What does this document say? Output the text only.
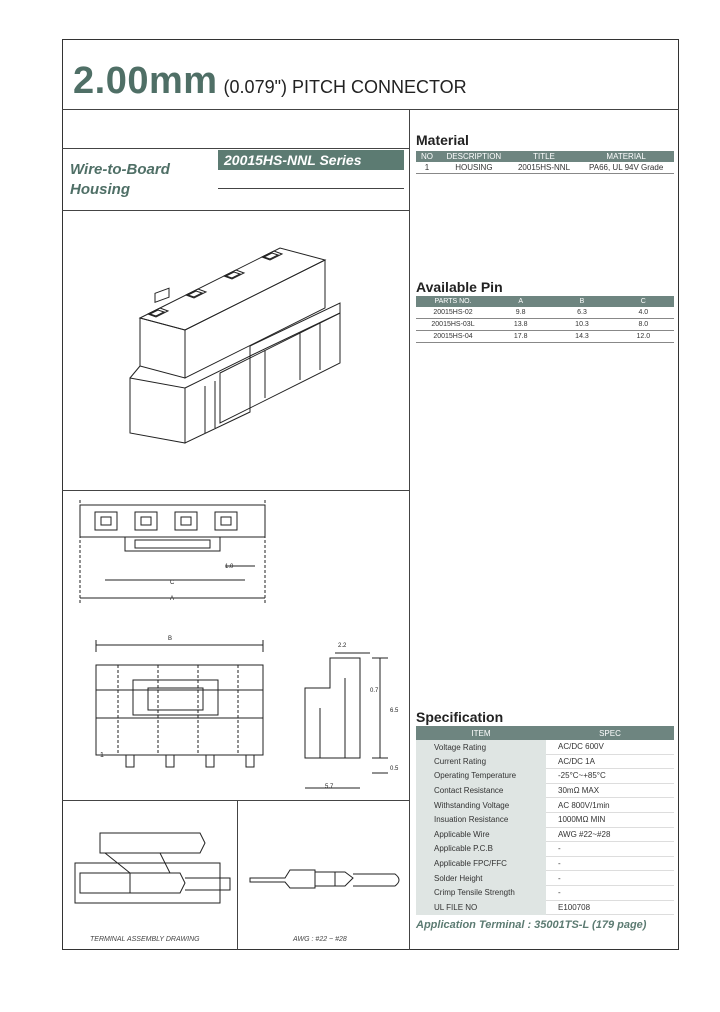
2.00mm (0.079") PITCH CONNECTOR
Wire-to-Board
Housing
20015HS-NNL Series
Material
NO	DESCRIPTION	TITLE	MATERIAL
1	HOUSING	20015HS-NNL	PA66, UL 94V Grade
Available Pin
PARTS NO.	A	B	C
20015HS-02	9.8	6.3	4.0
20015HS-03L	13.8	10.3	8.0
20015HS-04	17.8	14.3	12.0
C
A
1.0
B
1
2.2
5.7
0.7
6.5
0.5
TERMINAL ASSEMBLY DRAWING	AWG : #22 ~ #28
Specification
ITEM	SPEC
Voltage Rating	AC/DC 600V
Current Rating	AC/DC 1A
Operating Temperature	-25°C~+85°C
Contact Resistance	30mΩ MAX
Withstanding Voltage	AC 800V/1min
Insuation Resistance	1000MΩ MIN
Applicable Wire	AWG #22~#28
Applicable P.C.B	-
Applicable FPC/FFC	-
Solder Height	-
Crimp Tensile Strength	-
UL FILE NO	E100708
Application Terminal : 35001TS-L (179 page)
